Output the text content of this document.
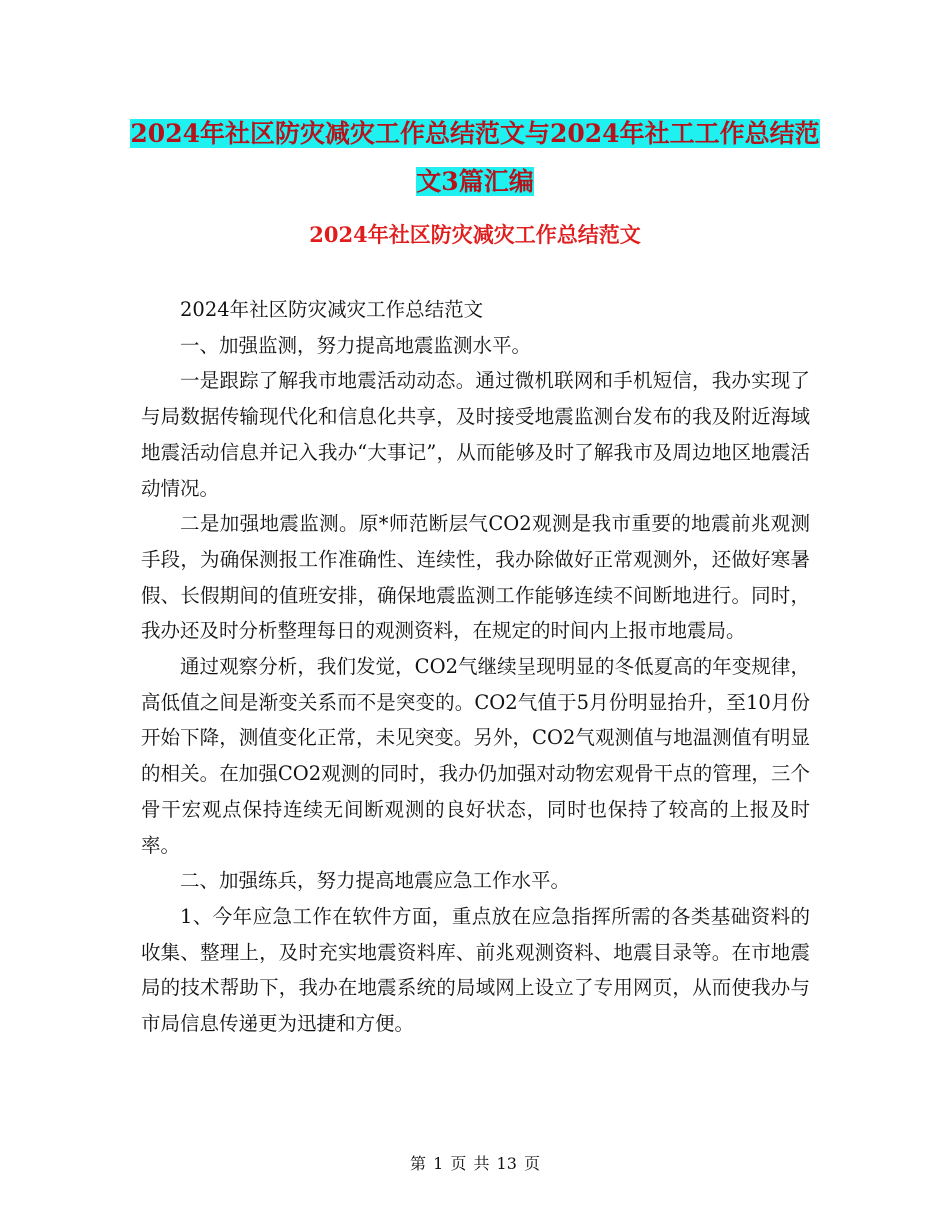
2024年社区防灾减灾工作总结范文与2024年社工工作总结范文3篇汇编
2024年社区防灾减灾工作总结范文

2024年社区防灾减灾工作总结范文

一、加强监测，努力提高地震监测水平。

一是跟踪了解我市地震活动动态。通过微机联网和手机短信，我办实现了与局数据传输现代化和信息化共享，及时接受地震监测台发布的我及附近海域地震活动信息并记入我办“大事记”，从而能够及时了解我市及周边地区地震活动情况。

二是加强地震监测。原*师范断层气CO2观测是我市重要的地震前兆观测手段，为确保测报工作准确性、连续性，我办除做好正常观测外，还做好寒暑假、长假期间的值班安排，确保地震监测工作能够连续不间断地进行。同时，我办还及时分析整理每日的观测资料，在规定的时间内上报市地震局。

通过观察分析，我们发觉，CO2气继续呈现明显的冬低夏高的年变规律，高低值之间是渐变关系而不是突变的。CO2气值于5月份明显抬升，至10月份开始下降，测值变化正常，未见突变。另外，CO2气观测值与地温测值有明显的相关。在加强CO2观测的同时，我办仍加强对动物宏观骨干点的管理，三个骨干宏观点保持连续无间断观测的良好状态，同时也保持了较高的上报及时率。

二、加强练兵，努力提高地震应急工作水平。

1、今年应急工作在软件方面，重点放在应急指挥所需的各类基础资料的收集、整理上，及时充实地震资料库、前兆观测资料、地震目录等。在市地震局的技术帮助下，我办在地震系统的局域网上设立了专用网页，从而使我办与市局信息传递更为迅捷和方便。

第 1 页 共 13 页
